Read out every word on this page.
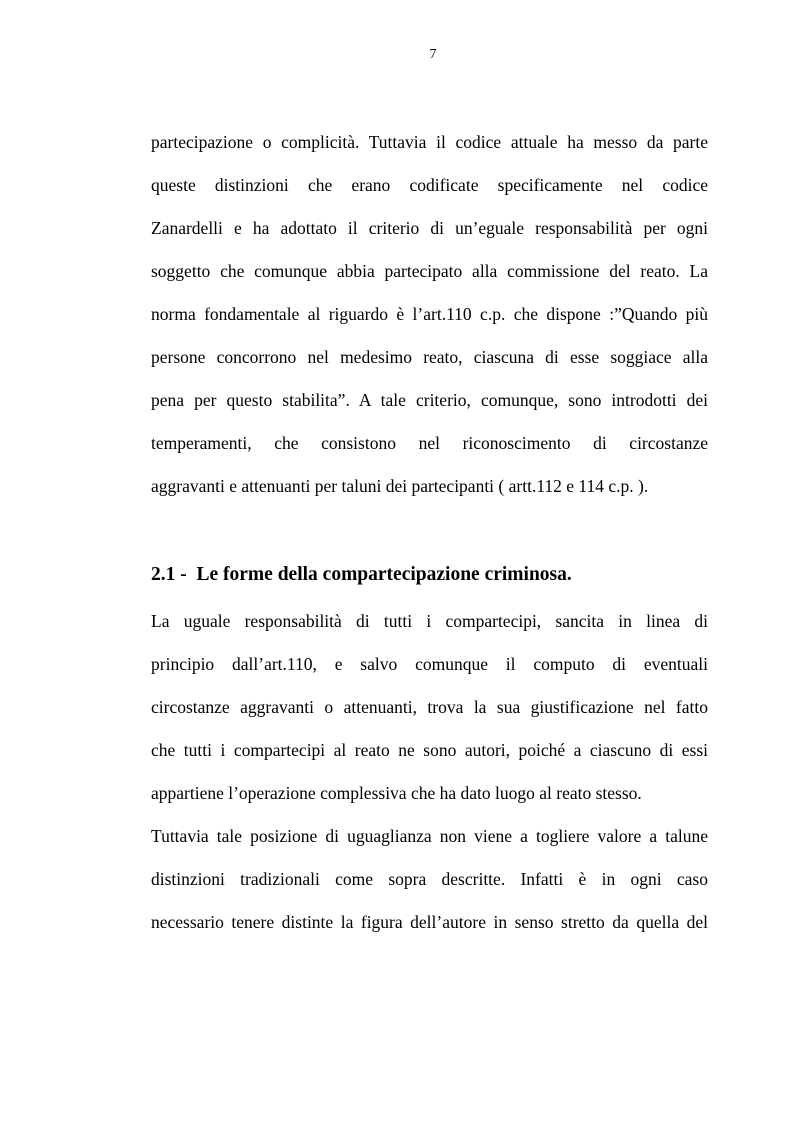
7
partecipazione o complicità. Tuttavia il codice attuale ha messo da parte
queste distinzioni che erano codificate specificamente nel codice
Zanardelli e ha adottato il criterio di un’eguale responsabilità per ogni
soggetto che comunque abbia partecipato alla commissione del reato. La
norma fondamentale al riguardo è l’art.110 c.p. che dispone :”Quando più
persone concorrono nel medesimo reato, ciascuna di esse soggiace alla
pena per questo stabilita”. A tale criterio, comunque, sono introdotti dei
temperamenti, che consistono nel riconoscimento di circostanze
aggravanti e attenuanti per taluni dei partecipanti ( artt.112 e 114 c.p. ).
2.1 -  Le forme della compartecipazione criminosa.
La uguale responsabilità di tutti i compartecipi, sancita in linea di
principio dall’art.110, e salvo comunque il computo di eventuali
circostanze aggravanti o attenuanti, trova la sua giustificazione nel fatto
che tutti i compartecipi al reato ne sono autori, poiché a ciascuno di essi
appartiene l’operazione complessiva che ha dato luogo al reato stesso.
Tuttavia tale posizione di uguaglianza non viene a togliere valore a talune
distinzioni tradizionali come sopra descritte. Infatti è in ogni caso
necessario tenere distinte la figura dell’autore in senso stretto da quella del
